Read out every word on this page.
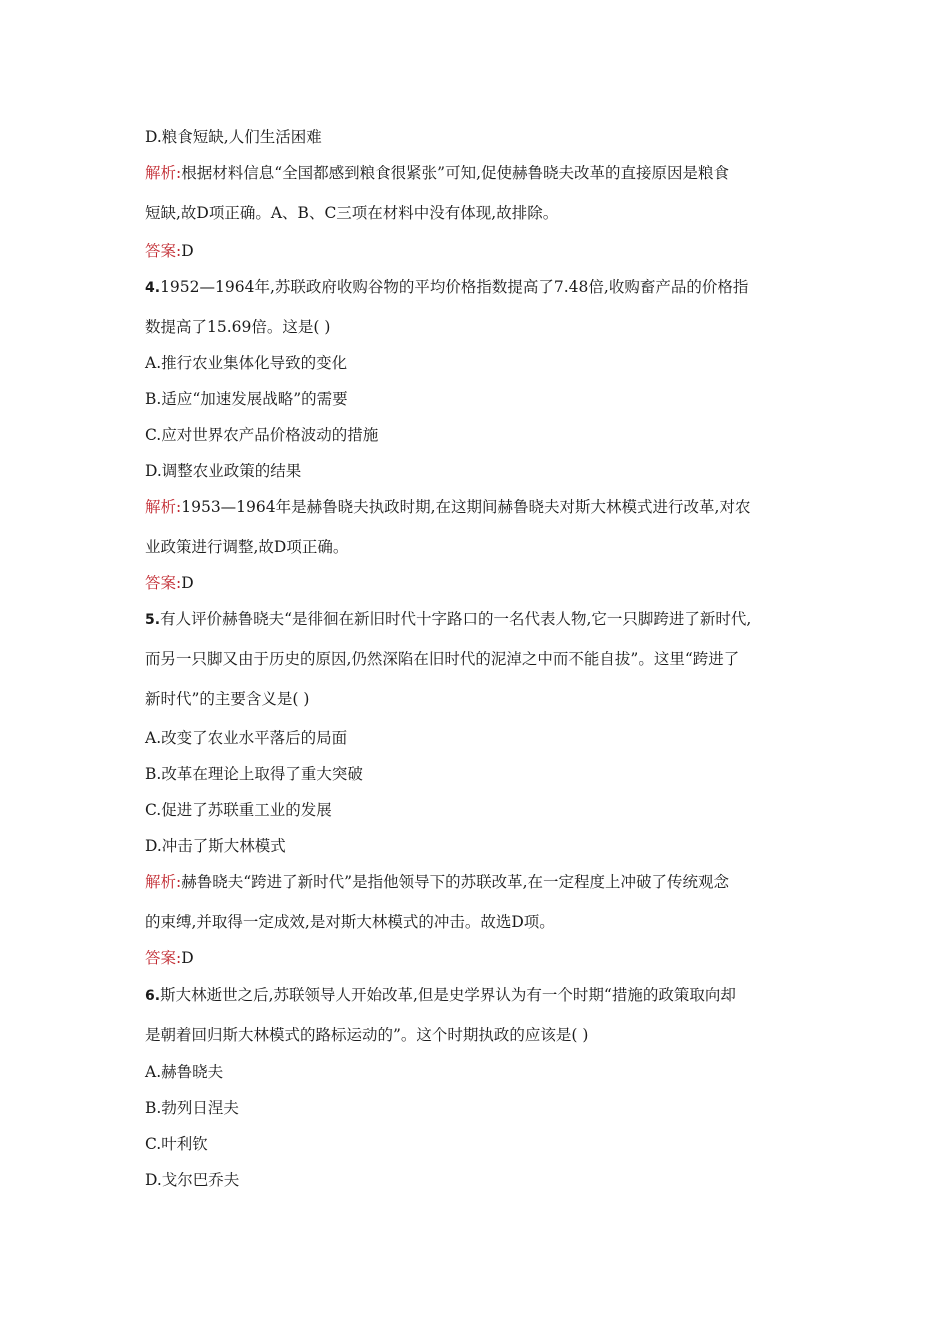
D.粮食短缺,人们生活困难
解析:根据材料信息“全国都感到粮食很紧张”可知,促使赫鲁晓夫改革的直接原因是粮食
短缺,故D项正确。A、B、C三项在材料中没有体现,故排除。
答案:D
4.1952—1964年,苏联政府收购谷物的平均价格指数提高了7.48倍,收购畜产品的价格指
数提高了15.69倍。这是( )
A.推行农业集体化导致的变化
B.适应“加速发展战略”的需要
C.应对世界农产品价格波动的措施
D.调整农业政策的结果
解析:1953—1964年是赫鲁晓夫执政时期,在这期间赫鲁晓夫对斯大林模式进行改革,对农
业政策进行调整,故D项正确。
答案:D
5.有人评价赫鲁晓夫“是徘徊在新旧时代十字路口的一名代表人物,它一只脚跨进了新时代,
而另一只脚又由于历史的原因,仍然深陷在旧时代的泥淖之中而不能自拔”。这里“跨进了
新时代”的主要含义是( )
A.改变了农业水平落后的局面
B.改革在理论上取得了重大突破
C.促进了苏联重工业的发展
D.冲击了斯大林模式
解析:赫鲁晓夫“跨进了新时代”是指他领导下的苏联改革,在一定程度上冲破了传统观念
的束缚,并取得一定成效,是对斯大林模式的冲击。故选D项。
答案:D
6.斯大林逝世之后,苏联领导人开始改革,但是史学界认为有一个时期“措施的政策取向却
是朝着回归斯大林模式的路标运动的”。这个时期执政的应该是( )
A.赫鲁晓夫
B.勃列日涅夫
C.叶利钦
D.戈尔巴乔夫
